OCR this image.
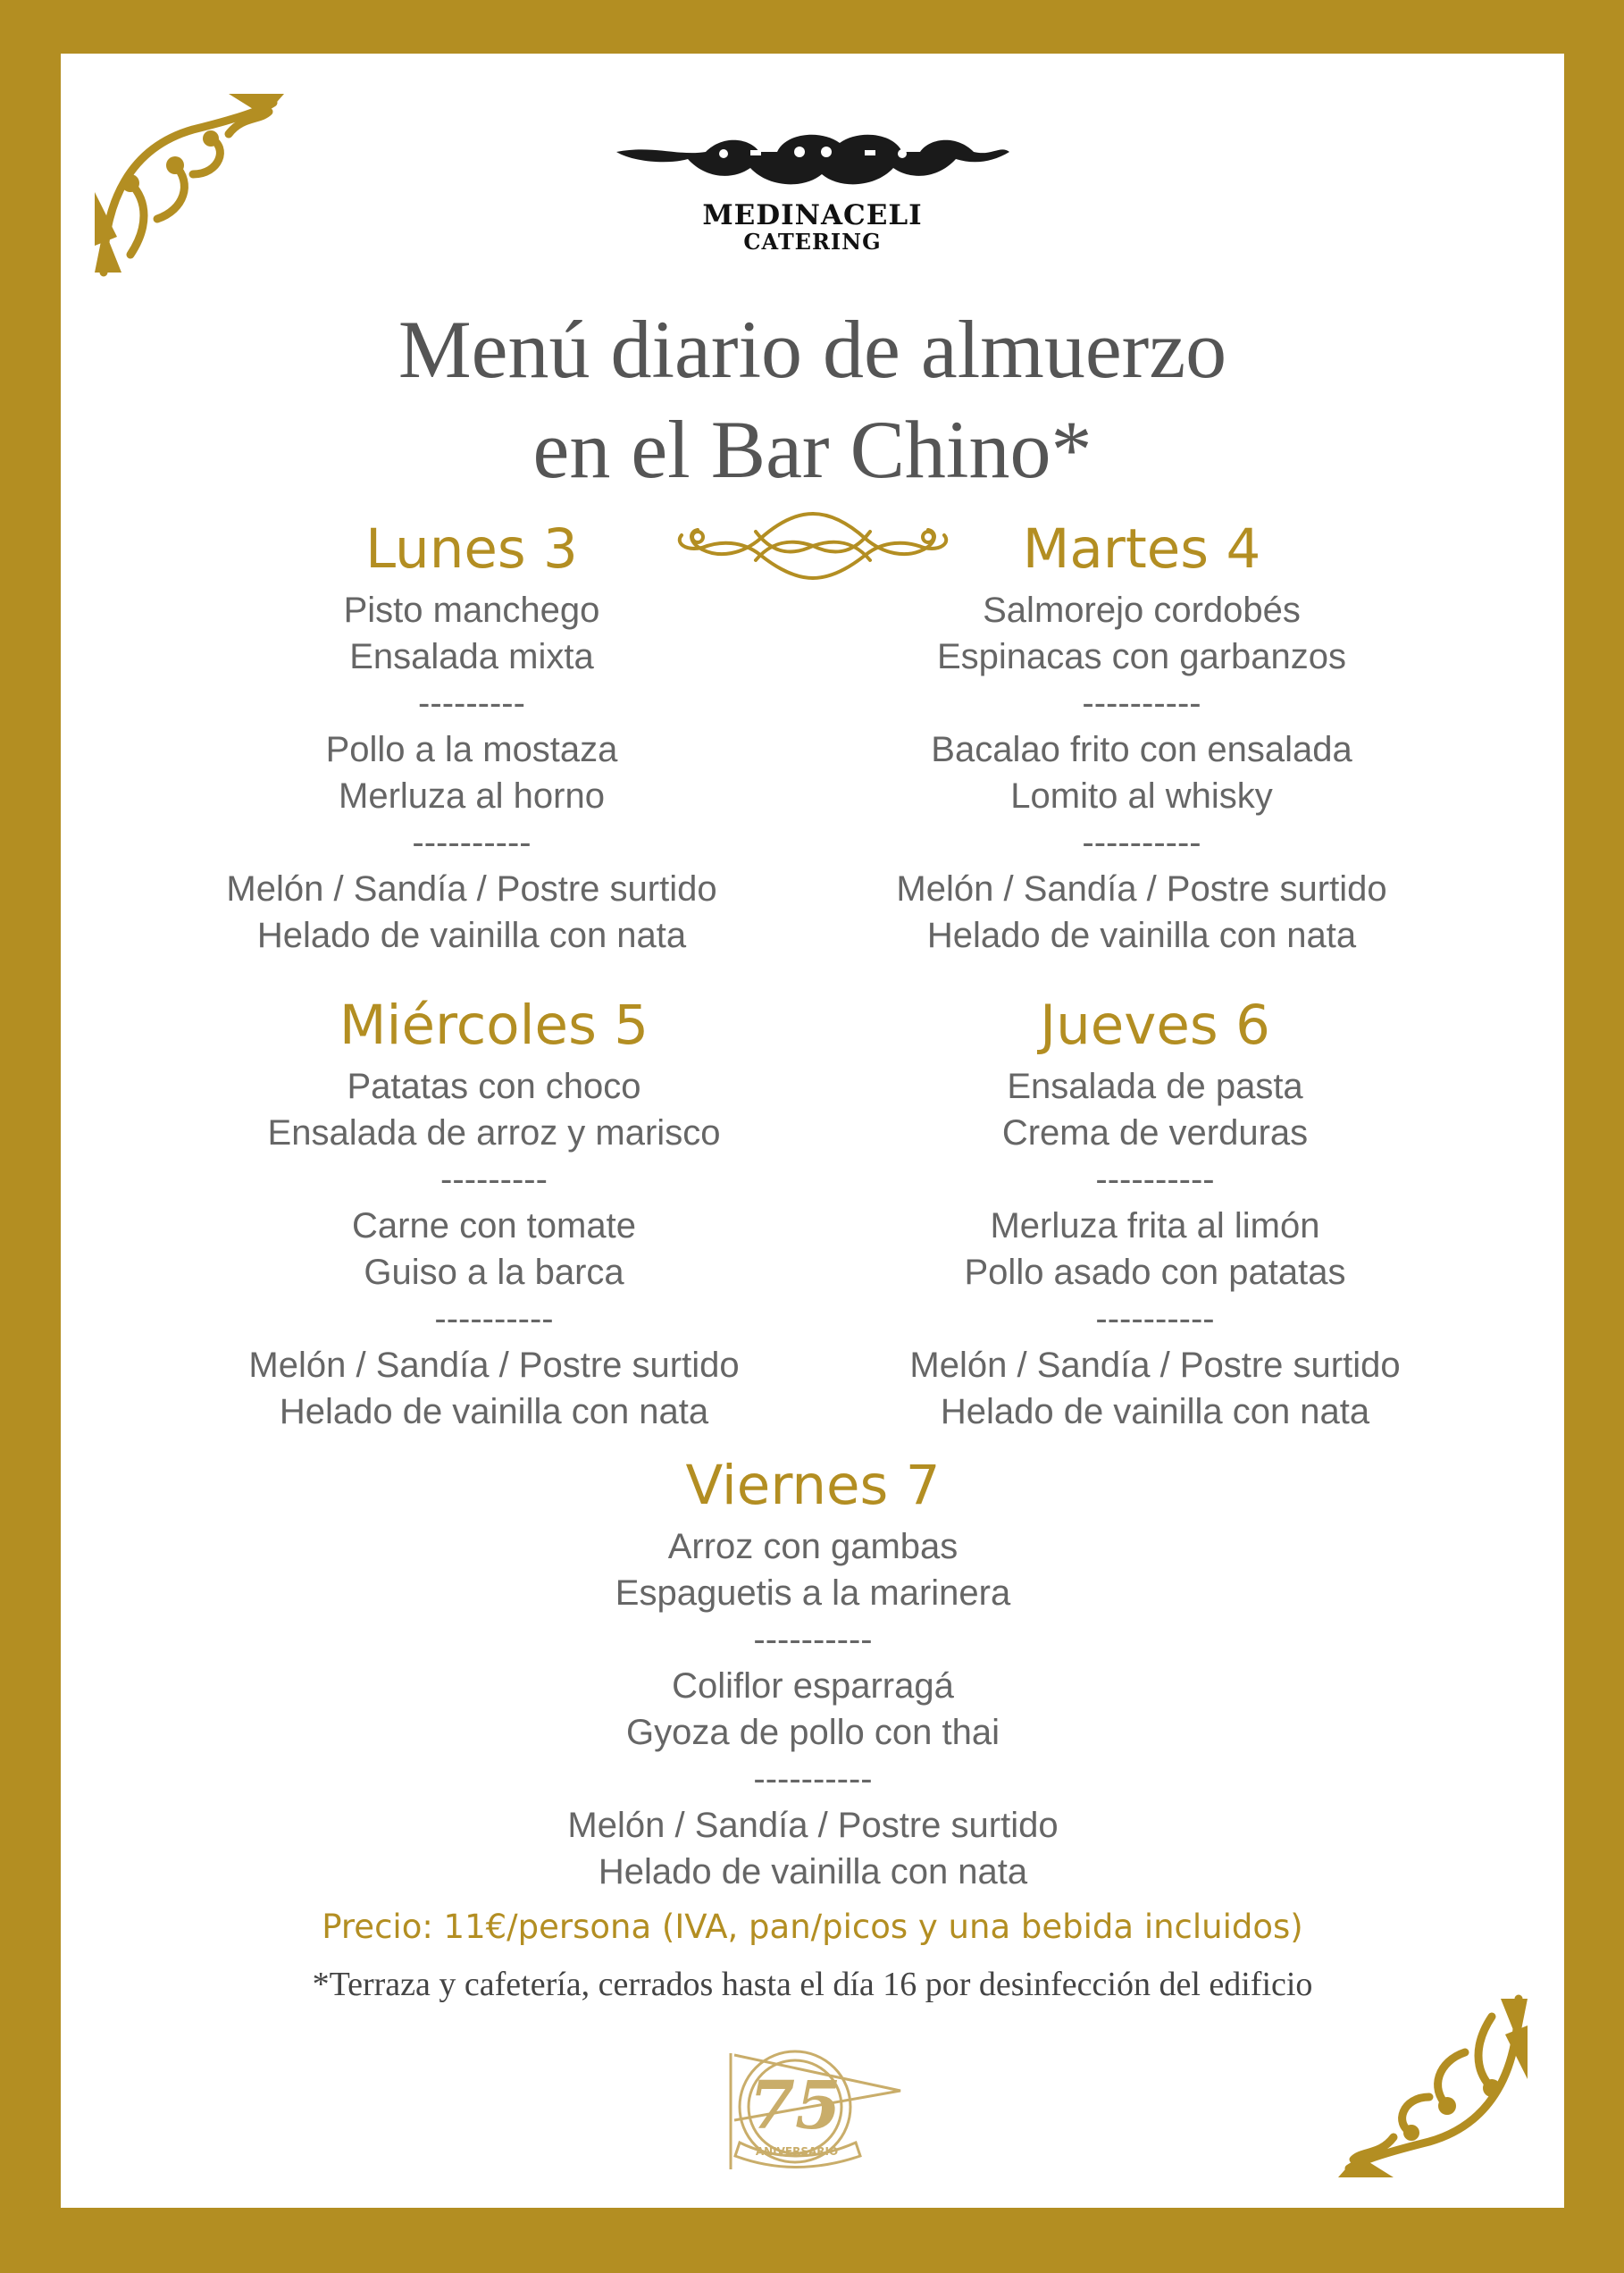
MEDINACELI
CATERING
Menú diario de almuerzo
en el Bar Chino*
Lunes 3
Pisto manchego
Ensalada mixta
---------
Pollo a la mostaza
Merluza al horno
----------
Melón / Sandía / Postre surtido
Helado de vainilla con nata
Martes 4
Salmorejo cordobés
Espinacas con garbanzos
----------
Bacalao frito con ensalada
Lomito al whisky
----------
Melón / Sandía / Postre surtido
Helado de vainilla con nata
Miércoles 5
Patatas con choco
Ensalada de arroz y marisco
---------
Carne con tomate
Guiso a la barca
----------
Melón / Sandía / Postre surtido
Helado de vainilla con nata
Jueves 6
Ensalada de pasta
Crema de verduras
----------
Merluza frita al limón
Pollo asado con patatas
----------
Melón / Sandía / Postre surtido
Helado de vainilla con nata
Viernes 7
Arroz con gambas
Espaguetis a la marinera
----------
Coliflor esparragá
Gyoza de pollo con thai
----------
Melón / Sandía / Postre surtido
Helado de vainilla con nata
Precio: 11€/persona (IVA, pan/picos y una bebida incluidos)
*Terraza y cafetería, cerrados hasta el día 16 por desinfección del edificio
75
ANIVERSARIO
